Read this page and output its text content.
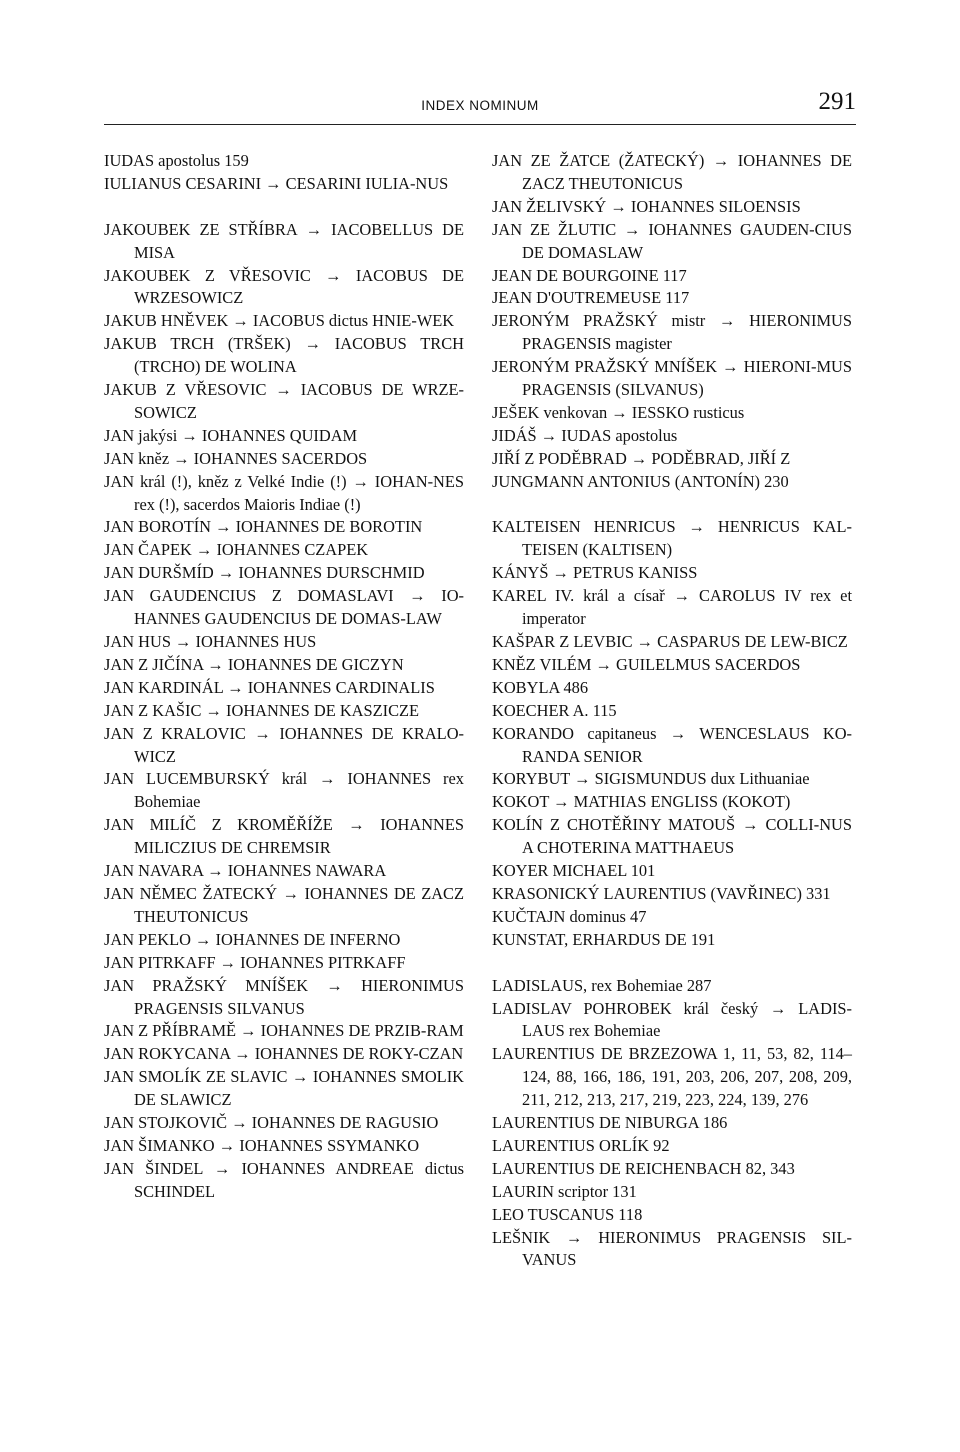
INDEX NOMINUM	291
IUDAS apostolus 159
IULIANUS CESARINI → CESARINI IULIA-NUS
JAKOUBEK ZE STŘÍBRA → IACOBELLUS DE MISA
JAKOUBEK Z VŘESOVIC → IACOBUS DE WRZESOWICZ
JAKUB HNĚVEK → IACOBUS dictus HNIE-WEK
JAKUB TRCH (TRŠEK) → IACOBUS TRCH (TRCHO) DE WOLINA
JAKUB Z VŘESOVIC → IACOBUS DE WRZE-SOWICZ
JAN jakýsi → IOHANNES QUIDAM
JAN kněz → IOHANNES SACERDOS
JAN král (!), kněz z Velké Indie (!) → IOHAN-NES rex (!), sacerdos Maioris Indiae (!)
JAN BOROTÍN → IOHANNES DE BOROTIN
JAN ČAPEK → IOHANNES CZAPEK
JAN DURŠMÍD → IOHANNES DURSCHMID
JAN GAUDENCIUS Z DOMASLAVI → IO-HANNES GAUDENCIUS DE DOMAS-LAW
JAN HUS → IOHANNES HUS
JAN Z JIČÍNA → IOHANNES DE GICZYN
JAN KARDINÁL → IOHANNES CARDINALIS
JAN Z KAŠIC → IOHANNES DE KASZICZE
JAN Z KRALOVIC → IOHANNES DE KRALO-WICZ
JAN LUCEMBURSKÝ král → IOHANNES rex Bohemiae
JAN MILÍČ Z KROMĚŘÍŽE → IOHANNES MILICZIUS DE CHREMSIR
JAN NAVARA → IOHANNES NAWARA
JAN NĚMEC ŽATECKÝ → IOHANNES DE ZACZ THEUTONICUS
JAN PEKLO → IOHANNES DE INFERNO
JAN PITRKAFF → IOHANNES PITRKAFF
JAN PRAŽSKÝ MNÍŠEK → HIERONIMUS PRAGENSIS SILVANUS
JAN Z PŘÍBRAMĚ → IOHANNES DE PRZIB-RAM
JAN ROKYCANA → IOHANNES DE ROKY-CZAN
JAN SMOLÍK ZE SLAVIC → IOHANNES SMOLIK DE SLAWICZ
JAN STOJKOVIČ → IOHANNES DE RAGUSIO
JAN ŠIMANKO → IOHANNES SSYMANKO
JAN ŠINDEL → IOHANNES ANDREAE dictus SCHINDEL
JAN ZE ŽATCE (ŽATECKÝ) → IOHANNES DE ZACZ THEUTONICUS
JAN ŽELIVSKÝ → IOHANNES SILOENSIS
JAN ZE ŽLUTIC → IOHANNES GAUDEN-CIUS DE DOMASLAW
JEAN DE BOURGOINE 117
JEAN D'OUTREMEUSE 117
JERONÝM PRAŽSKÝ mistr → HIERONIMUS PRAGENSIS magister
JERONÝM PRAŽSKÝ MNÍŠEK → HIERONI-MUS PRAGENSIS (SILVANUS)
JEŠEK venkovan → IESSKO rusticus
JIDÁŠ → IUDAS apostolus
JIŘÍ Z PODĚBRAD → PODĚBRAD, JIŘÍ Z
JUNGMANN ANTONIUS (ANTONÍN) 230
KALTEISEN HENRICUS → HENRICUS KAL-TEISEN (KALTISEN)
KÁNYŠ → PETRUS KANISS
KAREL IV. král a císař → CAROLUS IV rex et imperator
KAŠPAR Z LEVBIC → CASPARUS DE LEW-BICZ
KNĚZ VILÉM → GUILELMUS SACERDOS
KOBYLA 486
KOECHER A. 115
KORANDO capitaneus → WENCESLAUS KO-RANDA SENIOR
KORYBUT → SIGISMUNDUS dux Lithuaniae
KOKOT → MATHIAS ENGLISS (KOKOT)
KOLÍN Z CHOTĚŘINY MATOUŠ → COLLI-NUS A CHOTERINA MATTHAEUS
KOYER MICHAEL 101
KRASONICKÝ LAURENTIUS (VAVŘINEC) 331
KUČTAJN dominus 47
KUNSTAT, ERHARDUS DE 191
LADISLAUS, rex Bohemiae 287
LADISLAV POHROBEK král český → LADIS-LAUS rex Bohemiae
LAURENTIUS DE BRZEZOWA 1, 11, 53, 82, 114–124, 88, 166, 186, 191, 203, 206, 207, 208, 209, 211, 212, 213, 217, 219, 223, 224, 139, 276
LAURENTIUS DE NIBURGA 186
LAURENTIUS ORLÍK 92
LAURENTIUS DE REICHENBACH 82, 343
LAURIN scriptor 131
LEO TUSCANUS 118
LEŠNIK → HIERONIMUS PRAGENSIS SIL-VANUS
